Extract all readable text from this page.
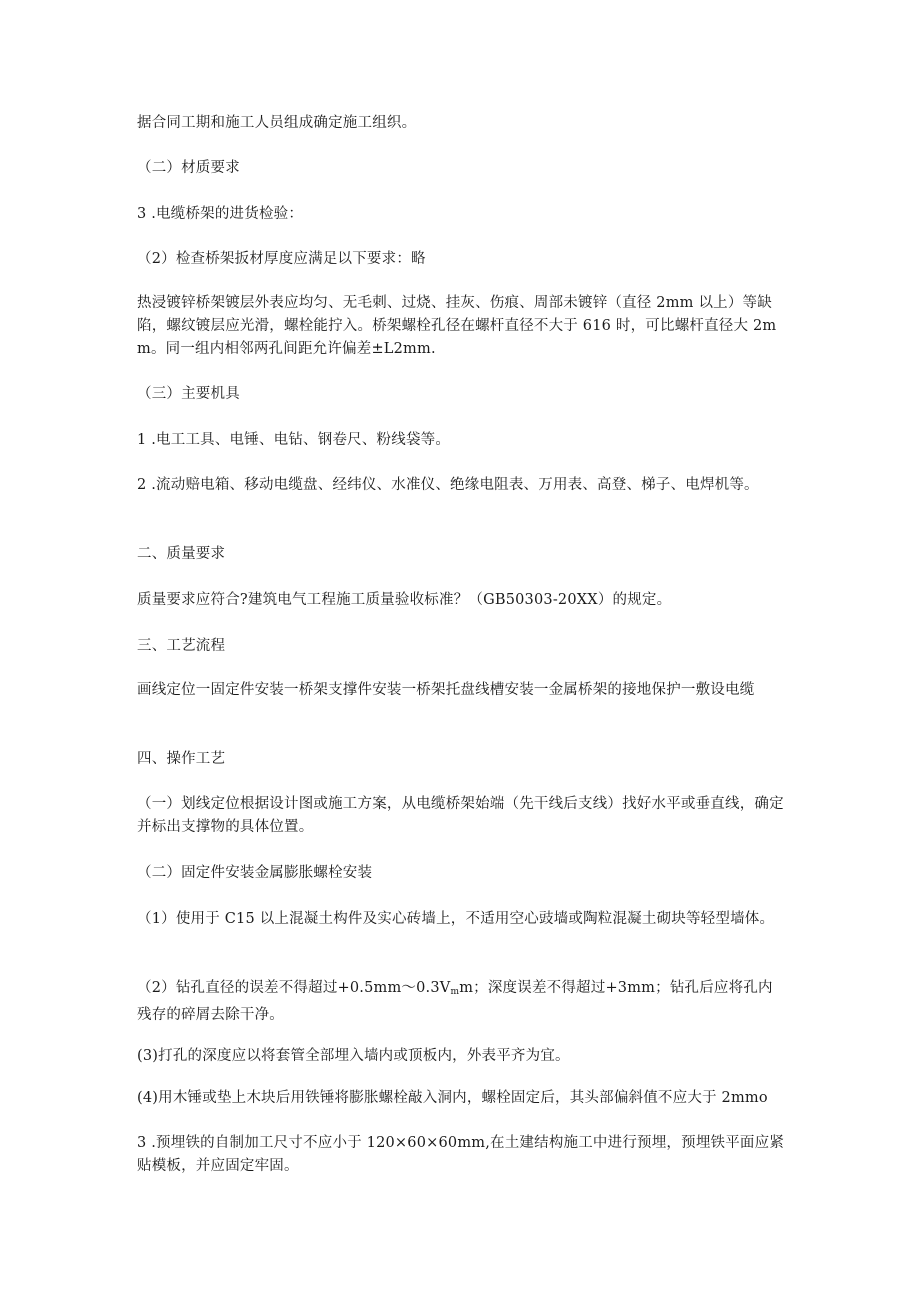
据合同工期和施工人员组成确定施工组织。

（二）材质要求

3 .电缆桥架的进货检验：

（2）检查桥架扳材厚度应满足以下要求：略

热浸镀锌桥架镀层外表应均匀、无毛刺、过烧、挂灰、伤痕、周部未镀锌（直径 2mm 以上）等缺陷，螺纹镀层应光滑，螺栓能拧入。桥架螺栓孔径在螺杆直径不大于 616 时，可比螺杆直径大 2mm。同一组内相邻两孔间距允许偏差±L2mm.

（三）主要机具

1 .电工工具、电锤、电钻、钢卷尺、粉线袋等。

2 .流动赔电箱、移动电缆盘、经纬仪、水准仪、绝缘电阻表、万用表、高登、梯子、电焊机等。

二、质量要求

质量要求应符合?建筑电气工程施工质量验收标准？（GB50303-20XX）的规定。

三、工艺流程

画线定位一固定件安装一桥架支撑件安装一桥架托盘线槽安装一金属桥架的接地保护一敷设电缆

四、操作工艺

（一）划线定位根据设计图或施工方案，从电缆桥架始端（先干线后支线）找好水平或垂直线，确定并标出支撑物的具体位置。

（二）固定件安装金属膨胀螺栓安装

（1）使用于 C15 以上混凝土构件及实心砖墙上，不适用空心豉墙或陶粒混凝土砌块等轻型墙体。

（2）钻孔直径的误差不得超过$+0.5mm\sim 0.3V_mm$；深度误差不得超过+3mm；钻孔后应将孔内残存的碎屑去除干净。

(3)打孔的深度应以将套管全部埋入墙内或顶板内，外表平齐为宜。

(4)用木锤或垫上木块后用铁锤将膨胀螺栓敲入洞内，螺栓固定后，其头部偏斜值不应大于 2mmo

3 .预埋铁的自制加工尺寸不应小于 120×60×60mm,在土建结构施工中进行预埋，预埋铁平面应紧贴模板，并应固定牢固。
